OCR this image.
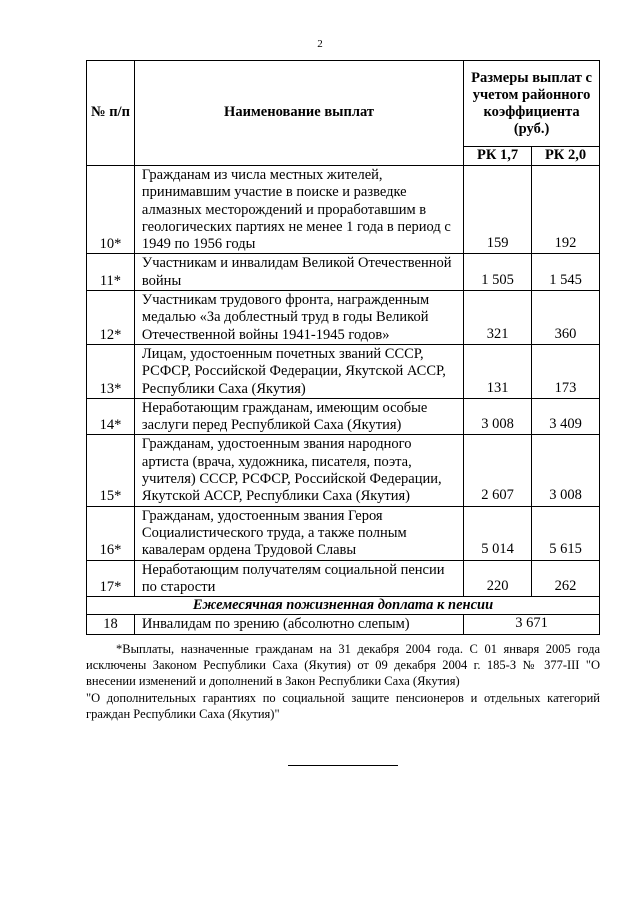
2
№ п/п	Наименование выплат	Размеры выплат с учетом районного коэффициента (руб.)	
		РК 1,7	РК 2,0
10*	Гражданам из числа местных жителей, принимавшим участие в поиске и разведке алмазных месторождений и проработавшим в геологических партиях не менее 1 года в период с 1949 по 1956 годы	159	192
11*	Участникам и инвалидам Великой Отечественной войны	1 505	1 545
12*	Участникам трудового фронта, награжденным медалью «За доблестный труд в годы Великой Отечественной войны 1941-1945 годов»	321	360
13*	Лицам, удостоенным почетных званий СССР, РСФСР, Российской Федерации, Якутской АССР, Республики Саха (Якутия)	131	173
14*	Неработающим гражданам, имеющим особые заслуги перед Республикой Саха (Якутия)	3 008	3 409
15*	Гражданам, удостоенным звания народного артиста (врача, художника, писателя, поэта, учителя) СССР, РСФСР, Российской Федерации, Якутской АССР, Республики Саха (Якутия)	2 607	3 008
16*	Гражданам, удостоенным звания Героя Социалистического труда, а также полным кавалерам ордена Трудовой Славы	5 014	5 615
17*	Неработающим получателям социальной пенсии по старости	220	262
Ежемесячная пожизненная доплата к пенсии			
18	Инвалидам по зрению (абсолютно слепым)	3 671	

*Выплаты, назначенные гражданам на 31 декабря 2004 года. С 01 января 2005 года исключены Законом Республики Саха (Якутия) от 09 декабря 2004 г. 185-З № 377-III "О внесении изменений и дополнений в Закон Республики Саха (Якутия)

"О дополнительных гарантиях по социальной защите пенсионеров и отдельных категорий граждан Республики Саха (Якутия)"
